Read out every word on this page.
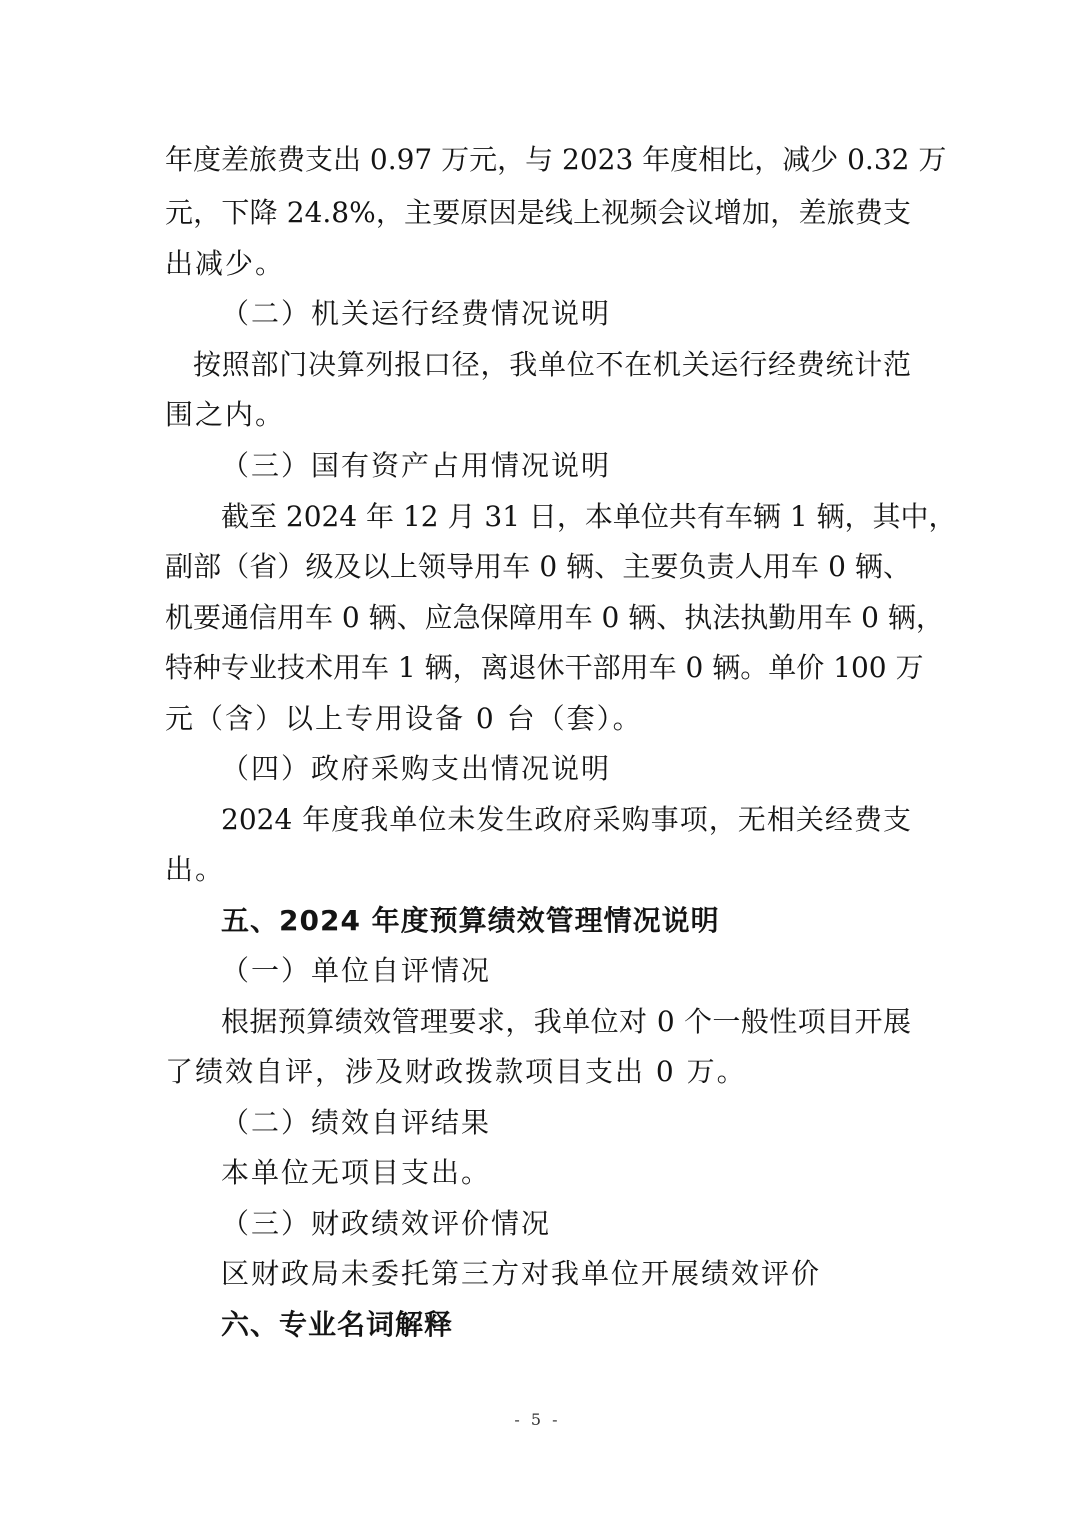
年度差旅费支出 0.97 万元，与 2023 年度相比，减少 0.32 万
元，下降 24.8%，主要原因是线上视频会议增加，差旅费支
出减少。
（二）机关运行经费情况说明
按照部门决算列报口径，我单位不在机关运行经费统计范
围之内。
（三）国有资产占用情况说明
截至 2024 年 12 月 31 日，本单位共有车辆 1 辆，其中，
副部（省）级及以上领导用车 0 辆、主要负责人用车 0 辆、
机要通信用车 0 辆、应急保障用车 0 辆、执法执勤用车 0 辆，
特种专业技术用车 1 辆，离退休干部用车 0 辆。单价 100 万
元（含）以上专用设备 0 台（套）。
（四）政府采购支出情况说明
2024 年度我单位未发生政府采购事项，无相关经费支
出。
五、2024 年度预算绩效管理情况说明
（一）单位自评情况
根据预算绩效管理要求，我单位对 0 个一般性项目开展
了绩效自评，涉及财政拨款项目支出 0 万。
（二）绩效自评结果
本单位无项目支出。
（三）财政绩效评价情况
区财政局未委托第三方对我单位开展绩效评价
六、专业名词解释
- 5 -
